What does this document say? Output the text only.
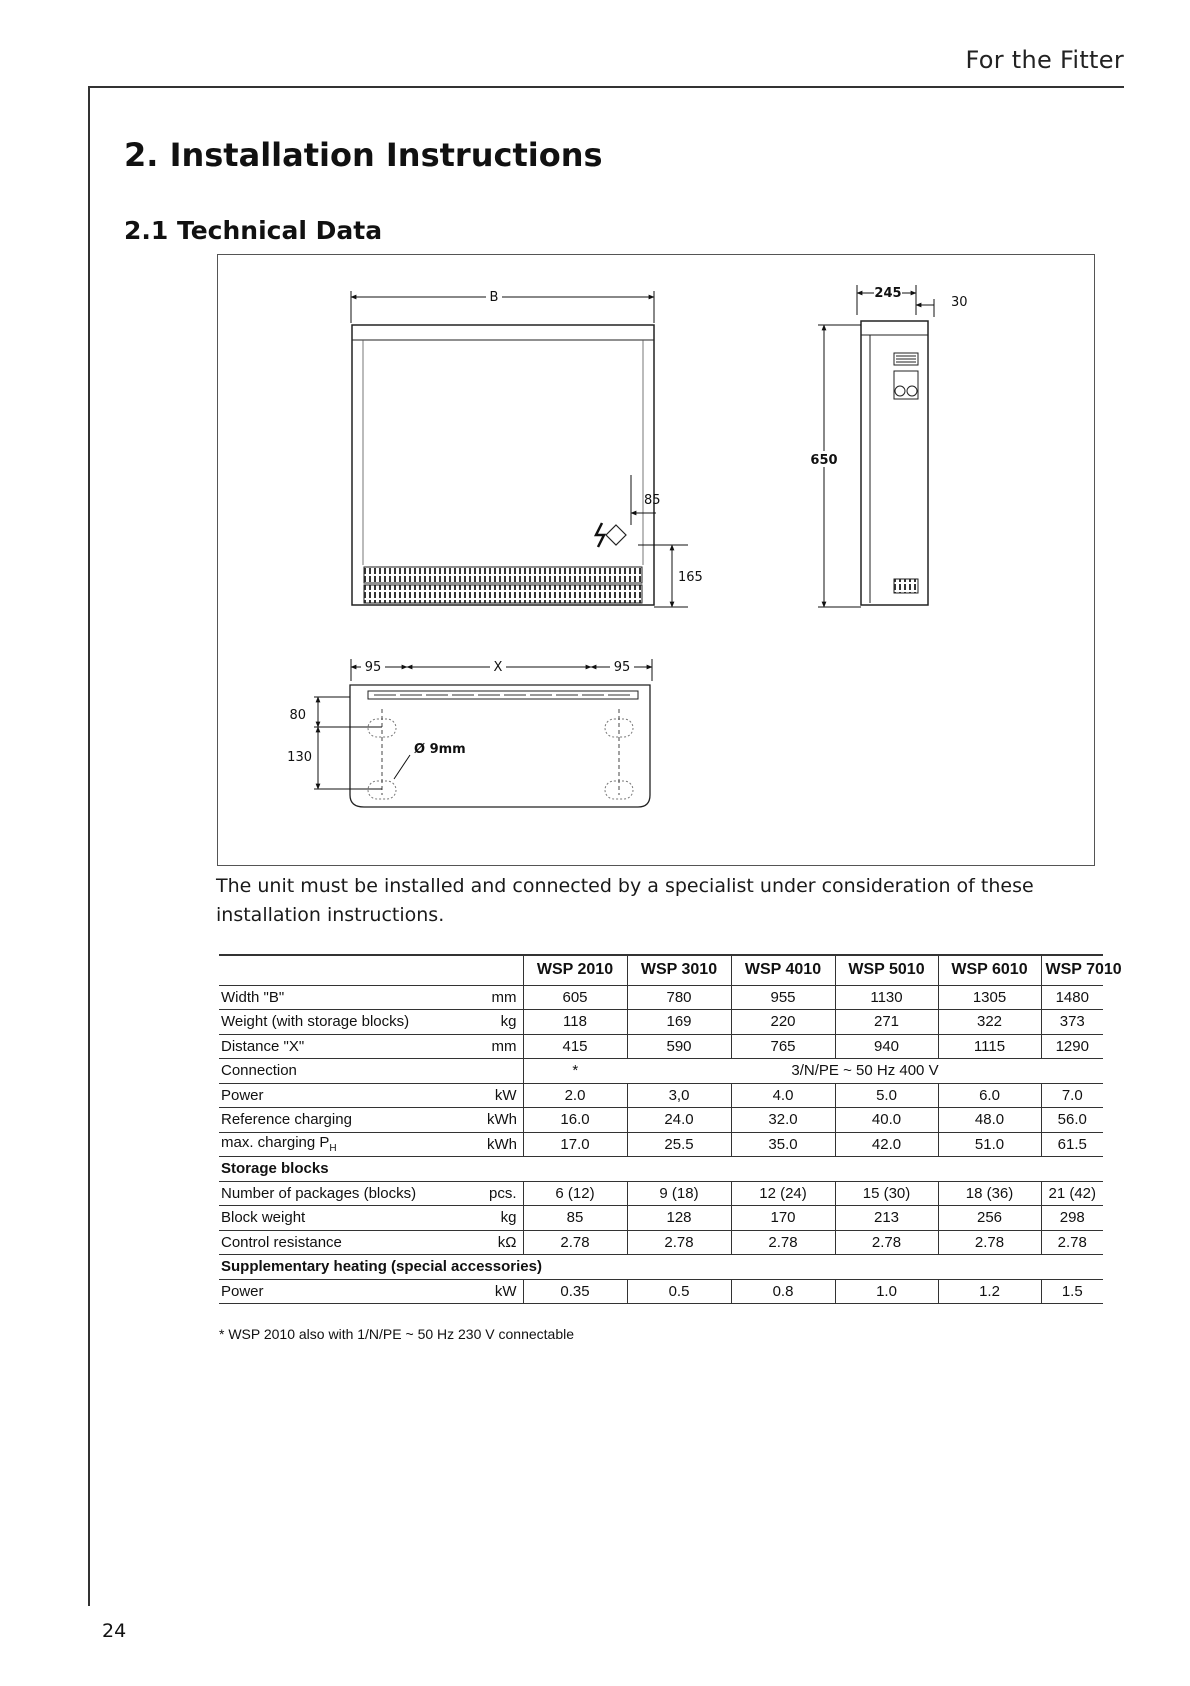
For the Fitter
2. Installation Instructions
2.1 Technical Data
B
85
165
245
30
650
95	X	95
Ø 9mm
80
130

The unit must be installed and connected by a specialist under consideration of these installation instructions.

		WSP 2010	WSP 3010	WSP 4010	WSP 5010	WSP 6010	WSP 7010
Width "B"	mm	605	780	955	1130	1305	1480
Weight (with storage blocks)	kg	118	169	220	271	322	373
Distance "X"	mm	415	590	765	940	1115	1290
Connection		*	3/N/PE ~ 50 Hz 400 V				
Power	kW	2.0	3,0	4.0	5.0	6.0	7.0
Reference charging	kWh	16.0	24.0	32.0	40.0	48.0	56.0
max. charging $P_H$	kWh	17.0	25.5	35.0	42.0	51.0	61.5
Storage blocks							
Number of packages (blocks)	pcs.	6 (12)	9 (18)	12 (24)	15 (30)	18 (36)	21 (42)
Block weight	kg	85	128	170	213	256	298
Control resistance	kΩ	2.78	2.78	2.78	2.78	2.78	2.78
Supplementary heating (special accessories)							
Power	kW	0.35	0.5	0.8	1.0	1.2	1.5

* WSP 2010 also with 1/N/PE ~ 50 Hz 230 V connectable

24
